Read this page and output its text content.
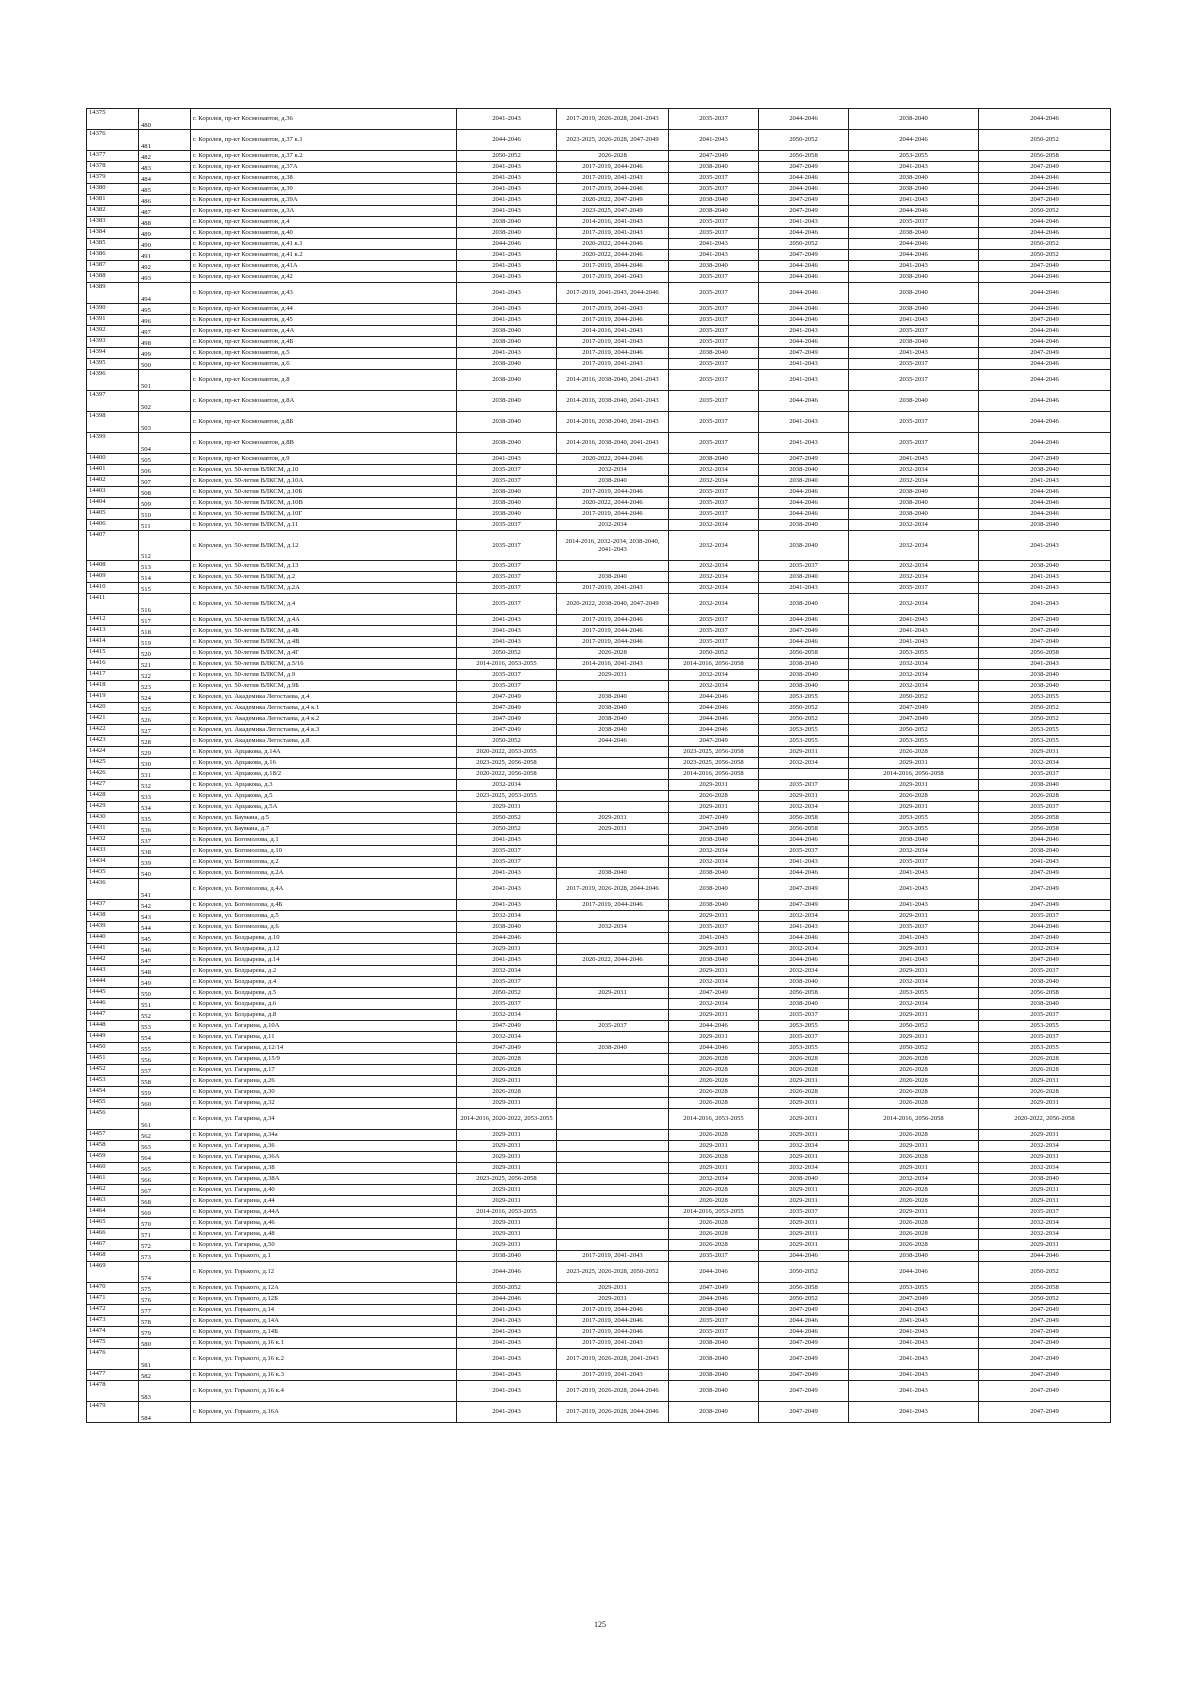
14375	480	г. Королев, пр-кт Космонавтов, д.36	2041-2043	2017-2019, 2026-2028, 2041-2043	2035-2037	2044-2046	2038-2040	2044-2046
14376	481	г. Королев, пр-кт Космонавтов, д.37 к.1	2044-2046	2023-2025, 2026-2028, 2047-2049	2041-2043	2050-2052	2044-2046	2050-2052
14377	482	г. Королев, пр-кт Космонавтов, д.37 к.2	2050-2052	2026-2028	2047-2049	2056-2058	2053-2055	2056-2058
14378	483	г. Королев, пр-кт Космонавтов, д.37А	2041-2043	2017-2019, 2044-2046	2038-2040	2047-2049	2041-2043	2047-2049
14379	484	г. Королев, пр-кт Космонавтов, д.38	2041-2043	2017-2019, 2041-2043	2035-2037	2044-2046	2038-2040	2044-2046
14380	485	г. Королев, пр-кт Космонавтов, д.39	2041-2043	2017-2019, 2044-2046	2035-2037	2044-2046	2038-2040	2044-2046
14381	486	г. Королев, пр-кт Космонавтов, д.39А	2041-2043	2020-2022, 2047-2049	2038-2040	2047-2049	2041-2043	2047-2049
14382	487	г. Королев, пр-кт Космонавтов, д.3А	2041-2043	2023-2025, 2047-2049	2038-2040	2047-2049	2044-2046	2050-2052
14383	488	г. Королев, пр-кт Космонавтов, д.4	2038-2040	2014-2016, 2041-2043	2035-2037	2041-2043	2035-2037	2044-2046
14384	489	г. Королев, пр-кт Космонавтов, д.40	2038-2040	2017-2019, 2041-2043	2035-2037	2044-2046	2038-2040	2044-2046
14385	490	г. Королев, пр-кт Космонавтов, д.41 к.1	2044-2046	2020-2022, 2044-2046	2041-2043	2050-2052	2044-2046	2050-2052
14386	491	г. Королев, пр-кт Космонавтов, д.41 к.2	2041-2043	2020-2022, 2044-2046	2041-2043	2047-2049	2044-2046	2050-2052
14387	492	г. Королев, пр-кт Космонавтов, д.41А	2041-2043	2017-2019, 2044-2046	2038-2040	2044-2046	2041-2043	2047-2049
14388	493	г. Королев, пр-кт Космонавтов, д.42	2041-2043	2017-2019, 2041-2043	2035-2037	2044-2046	2038-2040	2044-2046
14389	494	г. Королев, пр-кт Космонавтов, д.43	2041-2043	2017-2019, 2041-2043, 2044-2046	2035-2037	2044-2046	2038-2040	2044-2046
14390	495	г. Королев, пр-кт Космонавтов, д.44	2041-2043	2017-2019, 2041-2043	2035-2037	2044-2046	2038-2040	2044-2046
14391	496	г. Королев, пр-кт Космонавтов, д.45	2041-2043	2017-2019, 2044-2046	2035-2037	2044-2046	2041-2043	2047-2049
14392	497	г. Королев, пр-кт Космонавтов, д.4А	2038-2040	2014-2016, 2041-2043	2035-2037	2041-2043	2035-2037	2044-2046
14393	498	г. Королев, пр-кт Космонавтов, д.4Б	2038-2040	2017-2019, 2041-2043	2035-2037	2044-2046	2038-2040	2044-2046
14394	499	г. Королев, пр-кт Космонавтов, д.5	2041-2043	2017-2019, 2044-2046	2038-2040	2047-2049	2041-2043	2047-2049
14395	500	г. Королев, пр-кт Космонавтов, д.6	2038-2040	2017-2019, 2041-2043	2035-2037	2041-2043	2035-2037	2044-2046
14396	501	г. Королев, пр-кт Космонавтов, д.8	2038-2040	2014-2016, 2038-2040, 2041-2043	2035-2037	2041-2043	2035-2037	2044-2046
14397	502	г. Королев, пр-кт Космонавтов, д.8А	2038-2040	2014-2016, 2038-2040, 2041-2043	2035-2037	2044-2046	2038-2040	2044-2046
14398	503	г. Королев, пр-кт Космонавтов, д.8Б	2038-2040	2014-2016, 2038-2040, 2041-2043	2035-2037	2041-2043	2035-2037	2044-2046
14399	504	г. Королев, пр-кт Космонавтов, д.8В	2038-2040	2014-2016, 2038-2040, 2041-2043	2035-2037	2041-2043	2035-2037	2044-2046
14400	505	г. Королев, пр-кт Космонавтов, д.9	2041-2043	2020-2022, 2044-2046	2038-2040	2047-2049	2041-2043	2047-2049
14401	506	г. Королев, ул. 50-летия ВЛКСМ, д.10	2035-2037	2032-2034	2032-2034	2038-2040	2032-2034	2038-2040
14402	507	г. Королев, ул. 50-летия ВЛКСМ, д.10А	2035-2037	2038-2040	2032-2034	2038-2040	2032-2034	2041-2043
14403	508	г. Королев, ул. 50-летия ВЛКСМ, д.10Б	2038-2040	2017-2019, 2044-2046	2035-2037	2044-2046	2038-2040	2044-2046
14404	509	г. Королев, ул. 50-летия ВЛКСМ, д.10В	2038-2040	2020-2022, 2044-2046	2035-2037	2044-2046	2038-2040	2044-2046
14405	510	г. Королев, ул. 50-летия ВЛКСМ, д.10Г	2038-2040	2017-2019, 2044-2046	2035-2037	2044-2046	2038-2040	2044-2046
14406	511	г. Королев, ул. 50-летия ВЛКСМ, д.11	2035-2037	2032-2034	2032-2034	2038-2040	2032-2034	2038-2040
14407	512	г. Королев, ул. 50-летия ВЛКСМ, д.12	2035-2037	2014-2016, 2032-2034, 2038-2040, 2041-2043	2032-2034	2038-2040	2032-2034	2041-2043
14408	513	г. Королев, ул. 50-летия ВЛКСМ, д.13	2035-2037		2032-2034	2035-2037	2032-2034	2038-2040
14409	514	г. Королев, ул. 50-летия ВЛКСМ, д.2	2035-2037	2038-2040	2032-2034	2038-2040	2032-2034	2041-2043
14410	515	г. Королев, ул. 50-летия ВЛКСМ, д.2А	2035-2037	2017-2019, 2041-2043	2032-2034	2041-2043	2035-2037	2041-2043
14411	516	г. Королев, ул. 50-летия ВЛКСМ, д.4	2035-2037	2020-2022, 2038-2040, 2047-2049	2032-2034	2038-2040	2032-2034	2041-2043
14412	517	г. Королев, ул. 50-летия ВЛКСМ, д.4А	2041-2043	2017-2019, 2044-2046	2035-2037	2044-2046	2041-2043	2047-2049
14413	518	г. Королев, ул. 50-летия ВЛКСМ, д.4Б	2041-2043	2017-2019, 2044-2046	2035-2037	2047-2049	2041-2043	2047-2049
14414	519	г. Королев, ул. 50-летия ВЛКСМ, д.4В	2041-2043	2017-2019, 2044-2046	2035-2037	2044-2046	2041-2043	2047-2049
14415	520	г. Королев, ул. 50-летия ВЛКСМ, д.4Г	2050-2052	2026-2028	2050-2052	2056-2058	2053-2055	2056-2058
14416	521	г. Королев, ул. 50-летия ВЛКСМ, д.5/16	2014-2016, 2053-2055	2014-2016, 2041-2043	2014-2016, 2056-2058	2038-2040	2032-2034	2041-2043
14417	522	г. Королев, ул. 50-летия ВЛКСМ, д.9	2035-2037	2029-2031	2032-2034	2038-2040	2032-2034	2038-2040
14418	523	г. Королев, ул. 50-летия ВЛКСМ, д.9Б	2035-2037		2032-2034	2038-2040	2032-2034	2038-2040
14419	524	г. Королев, ул. Академика Легостаева, д.4	2047-2049	2038-2040	2044-2046	2053-2055	2050-2052	2053-2055
14420	525	г. Королев, ул. Академика Легостаева, д.4 к.1	2047-2049	2038-2040	2044-2046	2050-2052	2047-2049	2050-2052
14421	526	г. Королев, ул. Академика Легостаева, д.4 к.2	2047-2049	2038-2040	2044-2046	2050-2052	2047-2049	2050-2052
14422	527	г. Королев, ул. Академика Легостаева, д.4 к.3	2047-2049	2038-2040	2044-2046	2053-2055	2050-2052	2053-2055
14423	528	г. Королев, ул. Академика Легостаева, д.8	2050-2052	2044-2046	2047-2049	2053-2055	2053-2055	2053-2055
14424	529	г. Королев, ул. Арцакова, д.14А	2020-2022, 2053-2055		2023-2025, 2056-2058	2029-2031	2026-2028	2029-2031
14425	530	г. Королев, ул. Арцакова, д.16	2023-2025, 2056-2058		2023-2025, 2056-2058	2032-2034	2029-2031	2032-2034
14426	531	г. Королев, ул. Арцакова, д.18/2	2020-2022, 2056-2058		2014-2016, 2056-2058		2014-2016, 2056-2058	2035-2037
14427	532	г. Королев, ул. Арцакова, д.3	2032-2034		2029-2031	2035-2037	2029-2031	2038-2040
14428	533	г. Королев, ул. Арцакова, д.5	2023-2025, 2053-2055		2026-2028	2029-2031	2026-2028	2026-2028
14429	534	г. Королев, ул. Арцакова, д.5А	2029-2031		2029-2031	2032-2034	2029-2031	2035-2037
14430	535	г. Королев, ул. Баумана, д.5	2050-2052	2029-2031	2047-2049	2056-2058	2053-2055	2056-2058
14431	536	г. Королев, ул. Баумана, д.7	2050-2052	2029-2031	2047-2049	2056-2058	2053-2055	2056-2058
14432	537	г. Королев, ул. Богомолова, д.1	2041-2043		2038-2040	2044-2046	2038-2040	2044-2046
14433	538	г. Королев, ул. Богомолова, д.10	2035-2037		2032-2034	2035-2037	2032-2034	2038-2040
14434	539	г. Королев, ул. Богомолова, д.2	2035-2037		2032-2034	2041-2043	2035-2037	2041-2043
14435	540	г. Королев, ул. Богомолова, д.2А	2041-2043	2038-2040	2038-2040	2044-2046	2041-2043	2047-2049
14436	541	г. Королев, ул. Богомолова, д.4А	2041-2043	2017-2019, 2026-2028, 2044-2046	2038-2040	2047-2049	2041-2043	2047-2049
14437	542	г. Королев, ул. Богомолова, д.4Б	2041-2043	2017-2019, 2044-2046	2038-2040	2047-2049	2041-2043	2047-2049
14438	543	г. Королев, ул. Богомолова, д.5	2032-2034		2029-2031	2032-2034	2029-2031	2035-2037
14439	544	г. Королев, ул. Богомолова, д.6	2038-2040	2032-2034	2035-2037	2041-2043	2035-2037	2044-2046
14440	545	г. Королев, ул. Болдырева, д.10	2044-2046		2041-2043	2044-2046	2041-2043	2047-2049
14441	546	г. Королев, ул. Болдырева, д.12	2029-2031		2029-2031	2032-2034	2029-2031	2032-2034
14442	547	г. Королев, ул. Болдырева, д.14	2041-2043	2020-2022, 2044-2046	2038-2040	2044-2046	2041-2043	2047-2049
14443	548	г. Королев, ул. Болдырева, д.2	2032-2034		2029-2031	2032-2034	2029-2031	2035-2037
14444	549	г. Королев, ул. Болдырева, д.4	2035-2037		2032-2034	2038-2040	2032-2034	2038-2040
14445	550	г. Королев, ул. Болдырева, д.5	2050-2052	2029-2031	2047-2049	2056-2058	2053-2055	2056-2058
14446	551	г. Королев, ул. Болдырева, д.6	2035-2037		2032-2034	2038-2040	2032-2034	2038-2040
14447	552	г. Королев, ул. Болдырева, д.8	2032-2034		2029-2031	2035-2037	2029-2031	2035-2037
14448	553	г. Королев, ул. Гагарина, д.10А	2047-2049	2035-2037	2044-2046	2053-2055	2050-2052	2053-2055
14449	554	г. Королев, ул. Гагарина, д.11	2032-2034		2029-2031	2035-2037	2029-2031	2035-2037
14450	555	г. Королев, ул. Гагарина, д.12/14	2047-2049	2038-2040	2044-2046	2053-2055	2050-2052	2053-2055
14451	556	г. Королев, ул. Гагарина, д.15/9	2026-2028		2026-2028	2026-2028	2026-2028	2026-2028
14452	557	г. Королев, ул. Гагарина, д.17	2026-2028		2026-2028	2026-2028	2026-2028	2026-2028
14453	558	г. Королев, ул. Гагарина, д.26	2029-2031		2026-2028	2029-2031	2026-2028	2029-2031
14454	559	г. Королев, ул. Гагарина, д.30	2026-2028		2026-2028	2026-2028	2026-2028	2026-2028
14455	560	г. Королев, ул. Гагарина, д.32	2029-2031		2026-2028	2029-2031	2026-2028	2029-2031
14456	561	г. Королев, ул. Гагарина, д.34	2014-2016, 2020-2022, 2053-2055		2014-2016, 2053-2055	2029-2031	2014-2016, 2056-2058	2020-2022, 2056-2058
14457	562	г. Королев, ул. Гагарина, д.34а	2029-2031		2026-2028	2029-2031	2026-2028	2029-2031
14458	563	г. Королев, ул. Гагарина, д.36	2029-2031		2029-2031	2032-2034	2029-2031	2032-2034
14459	564	г. Королев, ул. Гагарина, д.36А	2029-2031		2026-2028	2029-2031	2026-2028	2029-2031
14460	565	г. Королев, ул. Гагарина, д.38	2029-2031		2029-2031	2032-2034	2029-2031	2032-2034
14461	566	г. Королев, ул. Гагарина, д.38А	2023-2025, 2056-2058		2032-2034	2038-2040	2032-2034	2038-2040
14462	567	г. Королев, ул. Гагарина, д.40	2029-2031		2026-2028	2029-2031	2026-2028	2029-2031
14463	568	г. Королев, ул. Гагарина, д.44	2029-2031		2026-2028	2029-2031	2026-2028	2029-2031
14464	569	г. Королев, ул. Гагарина, д.44А	2014-2016, 2053-2055		2014-2016, 2053-2055	2035-2037	2029-2031	2035-2037
14465	570	г. Королев, ул. Гагарина, д.46	2029-2031		2026-2028	2029-2031	2026-2028	2032-2034
14466	571	г. Королев, ул. Гагарина, д.48	2029-2031		2026-2028	2029-2031	2026-2028	2032-2034
14467	572	г. Королев, ул. Гагарина, д.50	2029-2031		2026-2028	2029-2031	2026-2028	2029-2031
14468	573	г. Королев, ул. Горького, д.1	2038-2040	2017-2019, 2041-2043	2035-2037	2044-2046	2038-2040	2044-2046
14469	574	г. Королев, ул. Горького, д.12	2044-2046	2023-2025, 2026-2028, 2050-2052	2044-2046	2050-2052	2044-2046	2050-2052
14470	575	г. Королев, ул. Горького, д.12А	2050-2052	2029-2031	2047-2049	2056-2058	2053-2055	2056-2058
14471	576	г. Королев, ул. Горького, д.12Б	2044-2046	2029-2031	2044-2046	2050-2052	2047-2049	2050-2052
14472	577	г. Королев, ул. Горького, д.14	2041-2043	2017-2019, 2044-2046	2038-2040	2047-2049	2041-2043	2047-2049
14473	578	г. Королев, ул. Горького, д.14А	2041-2043	2017-2019, 2044-2046	2035-2037	2044-2046	2041-2043	2047-2049
14474	579	г. Королев, ул. Горького, д.14Б	2041-2043	2017-2019, 2044-2046	2035-2037	2044-2046	2041-2043	2047-2049
14475	580	г. Королев, ул. Горького, д.16 к.1	2041-2043	2017-2019, 2041-2043	2038-2040	2047-2049	2041-2043	2047-2049
14476	581	г. Королев, ул. Горького, д.16 к.2	2041-2043	2017-2019, 2026-2028, 2041-2043	2038-2040	2047-2049	2041-2043	2047-2049
14477	582	г. Королев, ул. Горького, д.16 к.3	2041-2043	2017-2019, 2041-2043	2038-2040	2047-2049	2041-2043	2047-2049
14478	583	г. Королев, ул. Горького, д.16 к.4	2041-2043	2017-2019, 2026-2028, 2044-2046	2038-2040	2047-2049	2041-2043	2047-2049
14479	584	г. Королев, ул. Горького, д.16А	2041-2043	2017-2019, 2026-2028, 2044-2046	2038-2040	2047-2049	2041-2043	2047-2049
125
